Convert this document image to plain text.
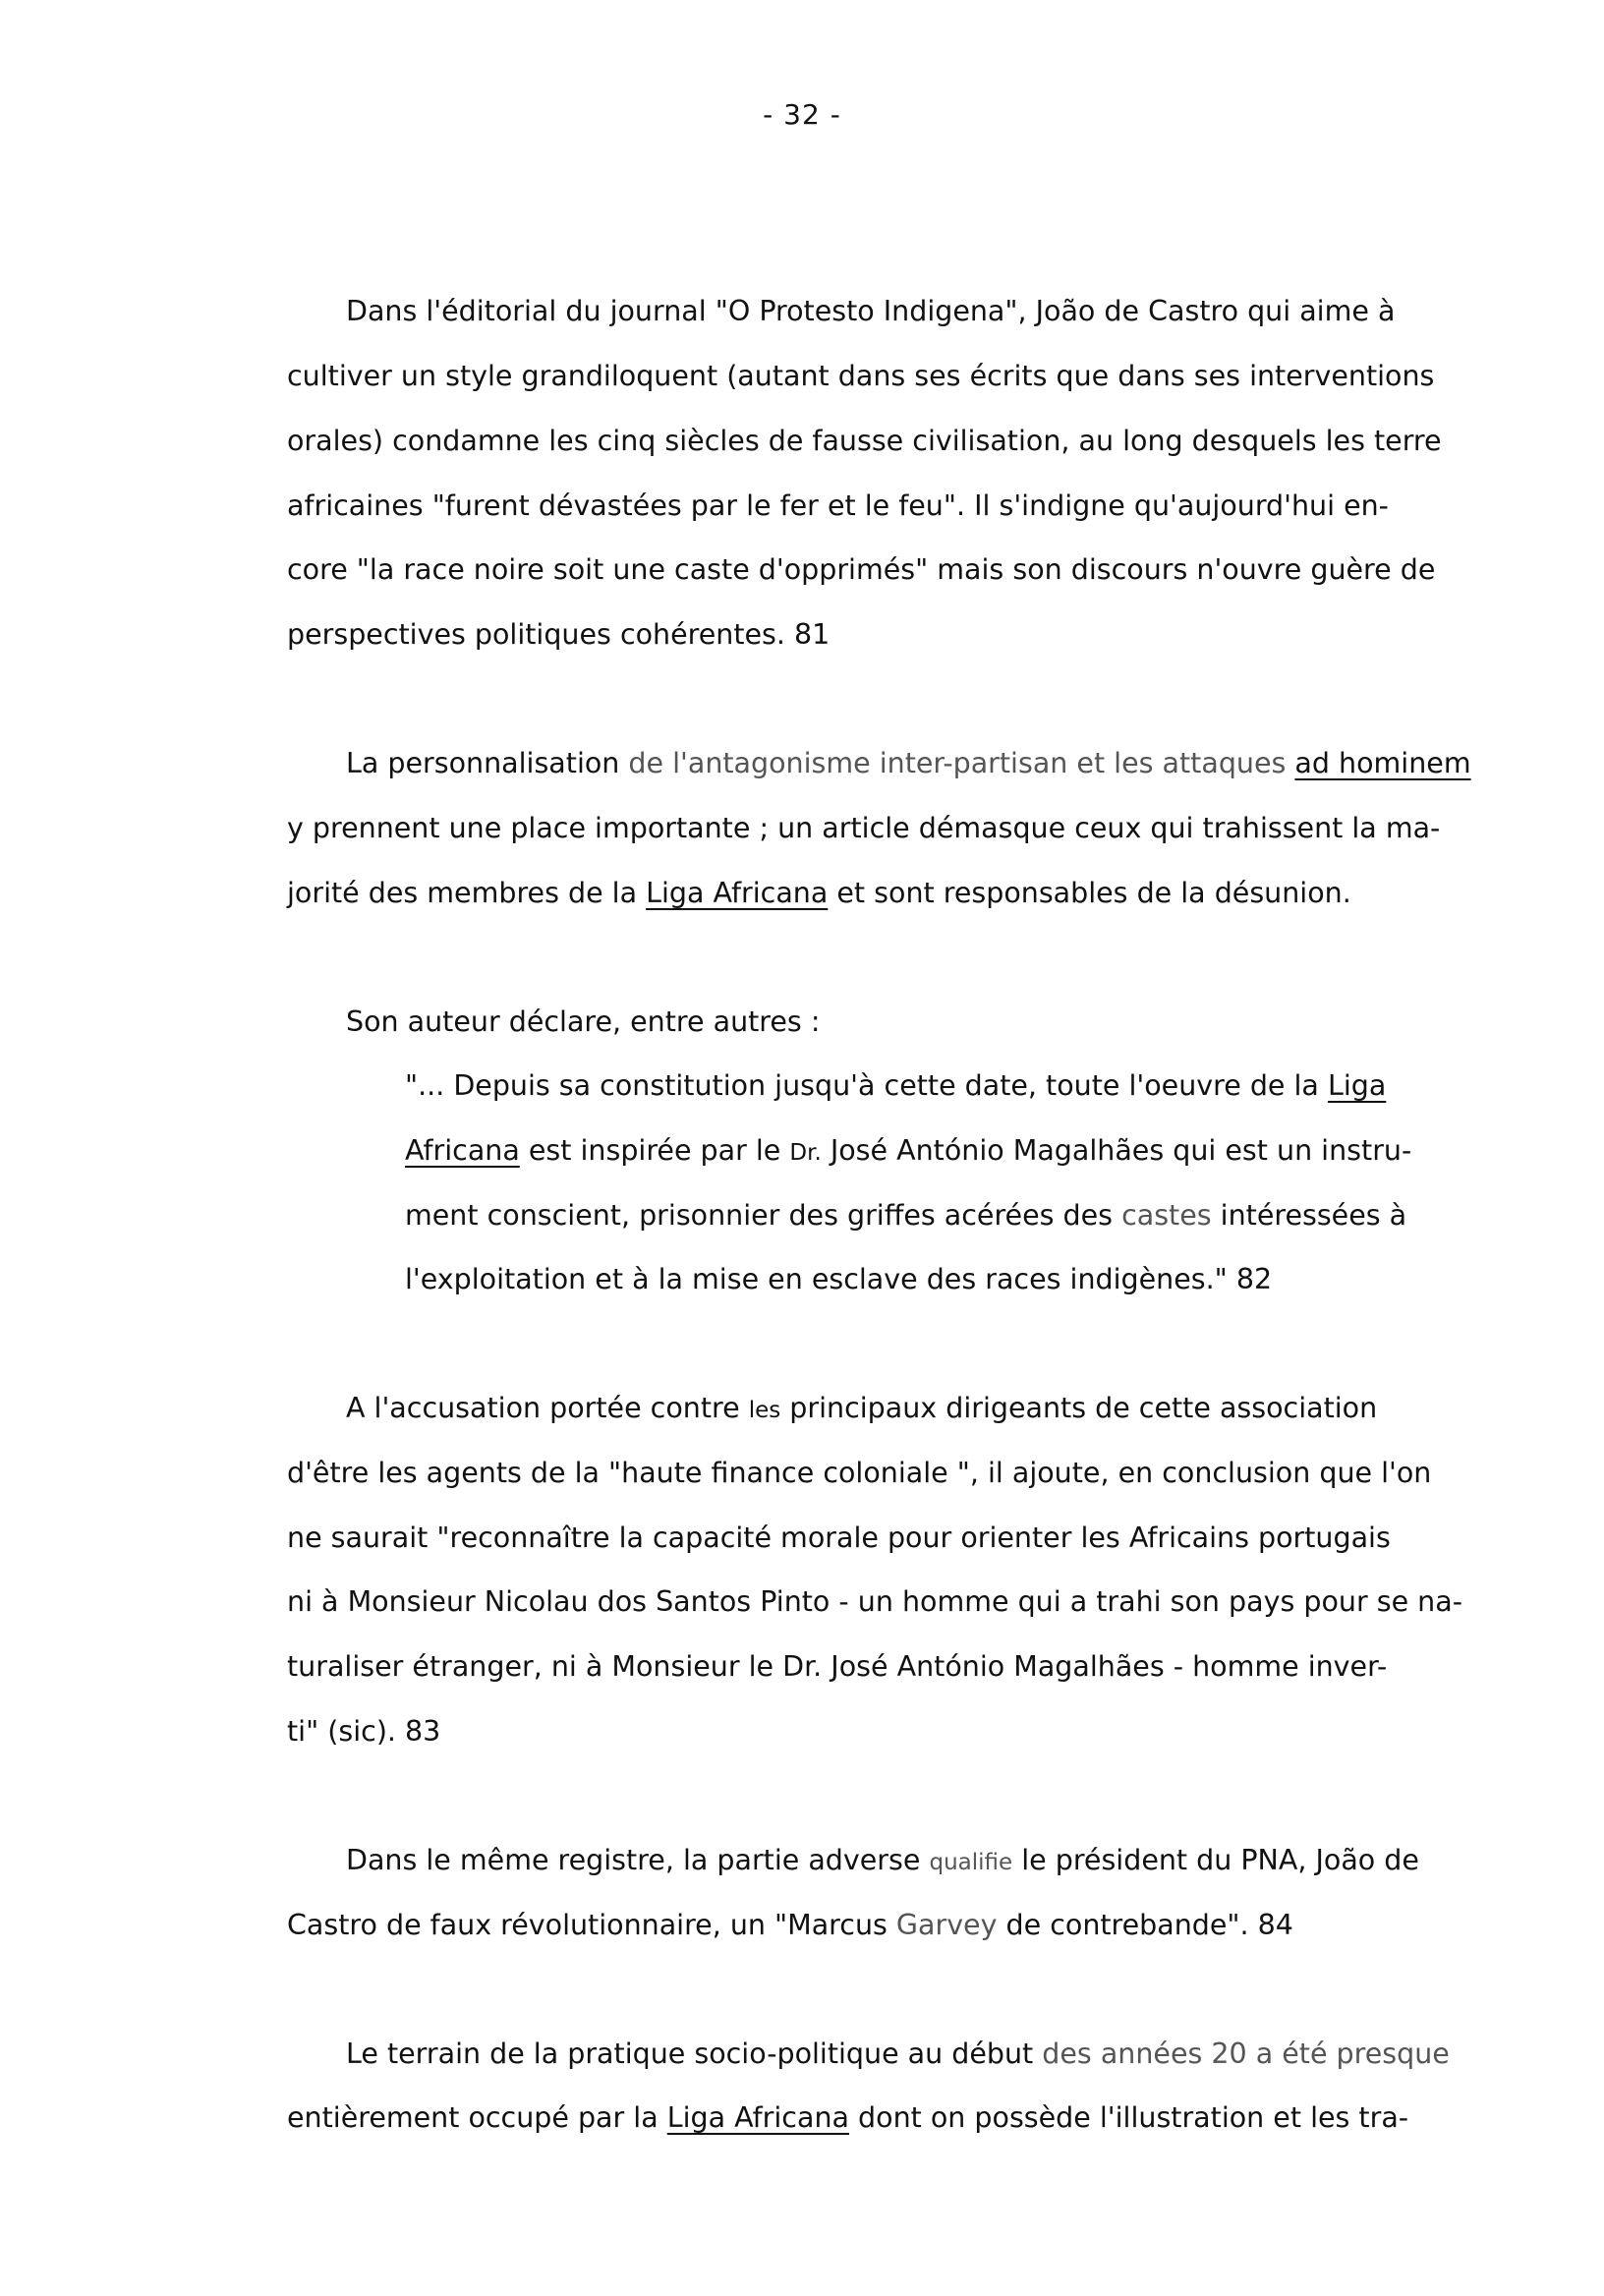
- 32 -
Dans l'éditorial du journal "O Protesto Indigena", João de Castro qui aime à
cultiver un style grandiloquent (autant dans ses écrits que dans ses interventions
orales) condamne les cinq siècles de fausse civilisation, au long desquels les terre
africaines "furent dévastées par le fer et le feu". Il s'indigne qu'aujourd'hui en-
core "la race noire soit une caste d'opprimés" mais son discours n'ouvre guère de
perspectives politiques cohérentes. 81
La personnalisation de l'antagonisme inter-partisan et les attaques ad hominem
y prennent une place importante ; un article démasque ceux qui trahissent la ma-
jorité des membres de la Liga Africana et sont responsables de la désunion.
Son auteur déclare, entre autres :
"... Depuis sa constitution jusqu'à cette date, toute l'oeuvre de la Liga
Africana est inspirée par le Dr. José António Magalhães qui est un instru-
ment conscient, prisonnier des griffes acérées des castes intéressées à
l'exploitation et à la mise en esclave des races indigènes." 82
A l'accusation portée contre les principaux dirigeants de cette association
d'être les agents de la "haute finance coloniale ", il ajoute, en conclusion que l'on
ne saurait "reconnaître la capacité morale pour orienter les Africains portugais
ni à Monsieur Nicolau dos Santos Pinto - un homme qui a trahi son pays pour se na-
turaliser étranger, ni à Monsieur le Dr. José António Magalhães - homme inver-
ti" (sic). 83
Dans le même registre, la partie adverse qualifie le président du PNA, João de
Castro de faux révolutionnaire, un "Marcus Garvey de contrebande". 84
Le terrain de la pratique socio-politique au début des années 20 a été presque
entièrement occupé par la Liga Africana dont on possède l'illustration et les tra-
